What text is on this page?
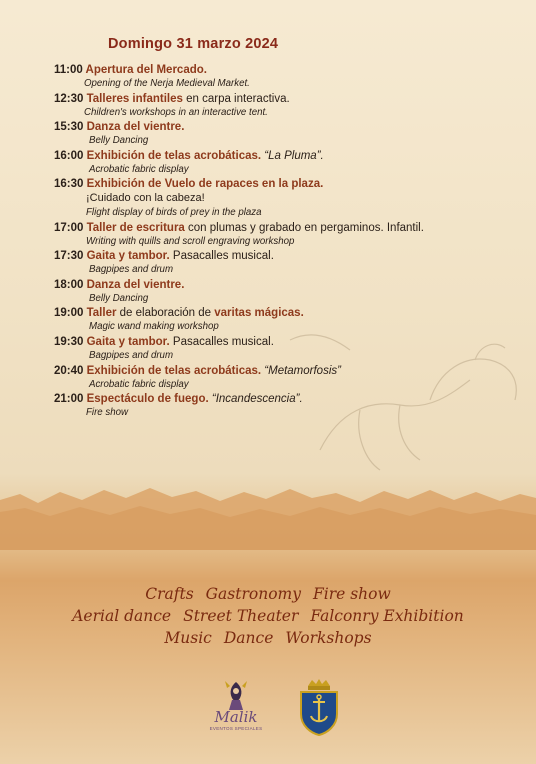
Domingo 31 marzo 2024
11:00 Apertura del Mercado.
Opening of the Nerja Medieval Market.
12:30 Talleres infantiles en carpa interactiva.
Children's workshops in an interactive tent.
15:30 Danza del vientre.
Belly Dancing
16:00 Exhibición de telas acrobáticas. “La Pluma”.
Acrobatic fabric display
16:30 Exhibición de Vuelo de rapaces en la plaza.
¡Cuidado con la cabeza!
Flight display of birds of prey in the plaza
17:00 Taller de escritura con plumas y grabado en pergaminos. Infantil.
Writing with quills and scroll engraving workshop
17:30 Gaita y tambor. Pasacalles musical.
Bagpipes and drum
18:00 Danza del vientre.
Belly Dancing
19:00 Taller de elaboración de varitas mágicas.
Magic wand making workshop
19:30 Gaita y tambor. Pasacalles musical.
Bagpipes and drum
20:40 Exhibición de telas acrobáticas. “Metamorfosis”
Acrobatic fabric display
21:00 Espectáculo de fuego. “Incandescencia”.
Fire show
Crafts Gastronomy Fire show
Aerial dance Street Theater Falconry Exhibition
Music Dance Workshops
Malik
EVENTOS SPECIALES
